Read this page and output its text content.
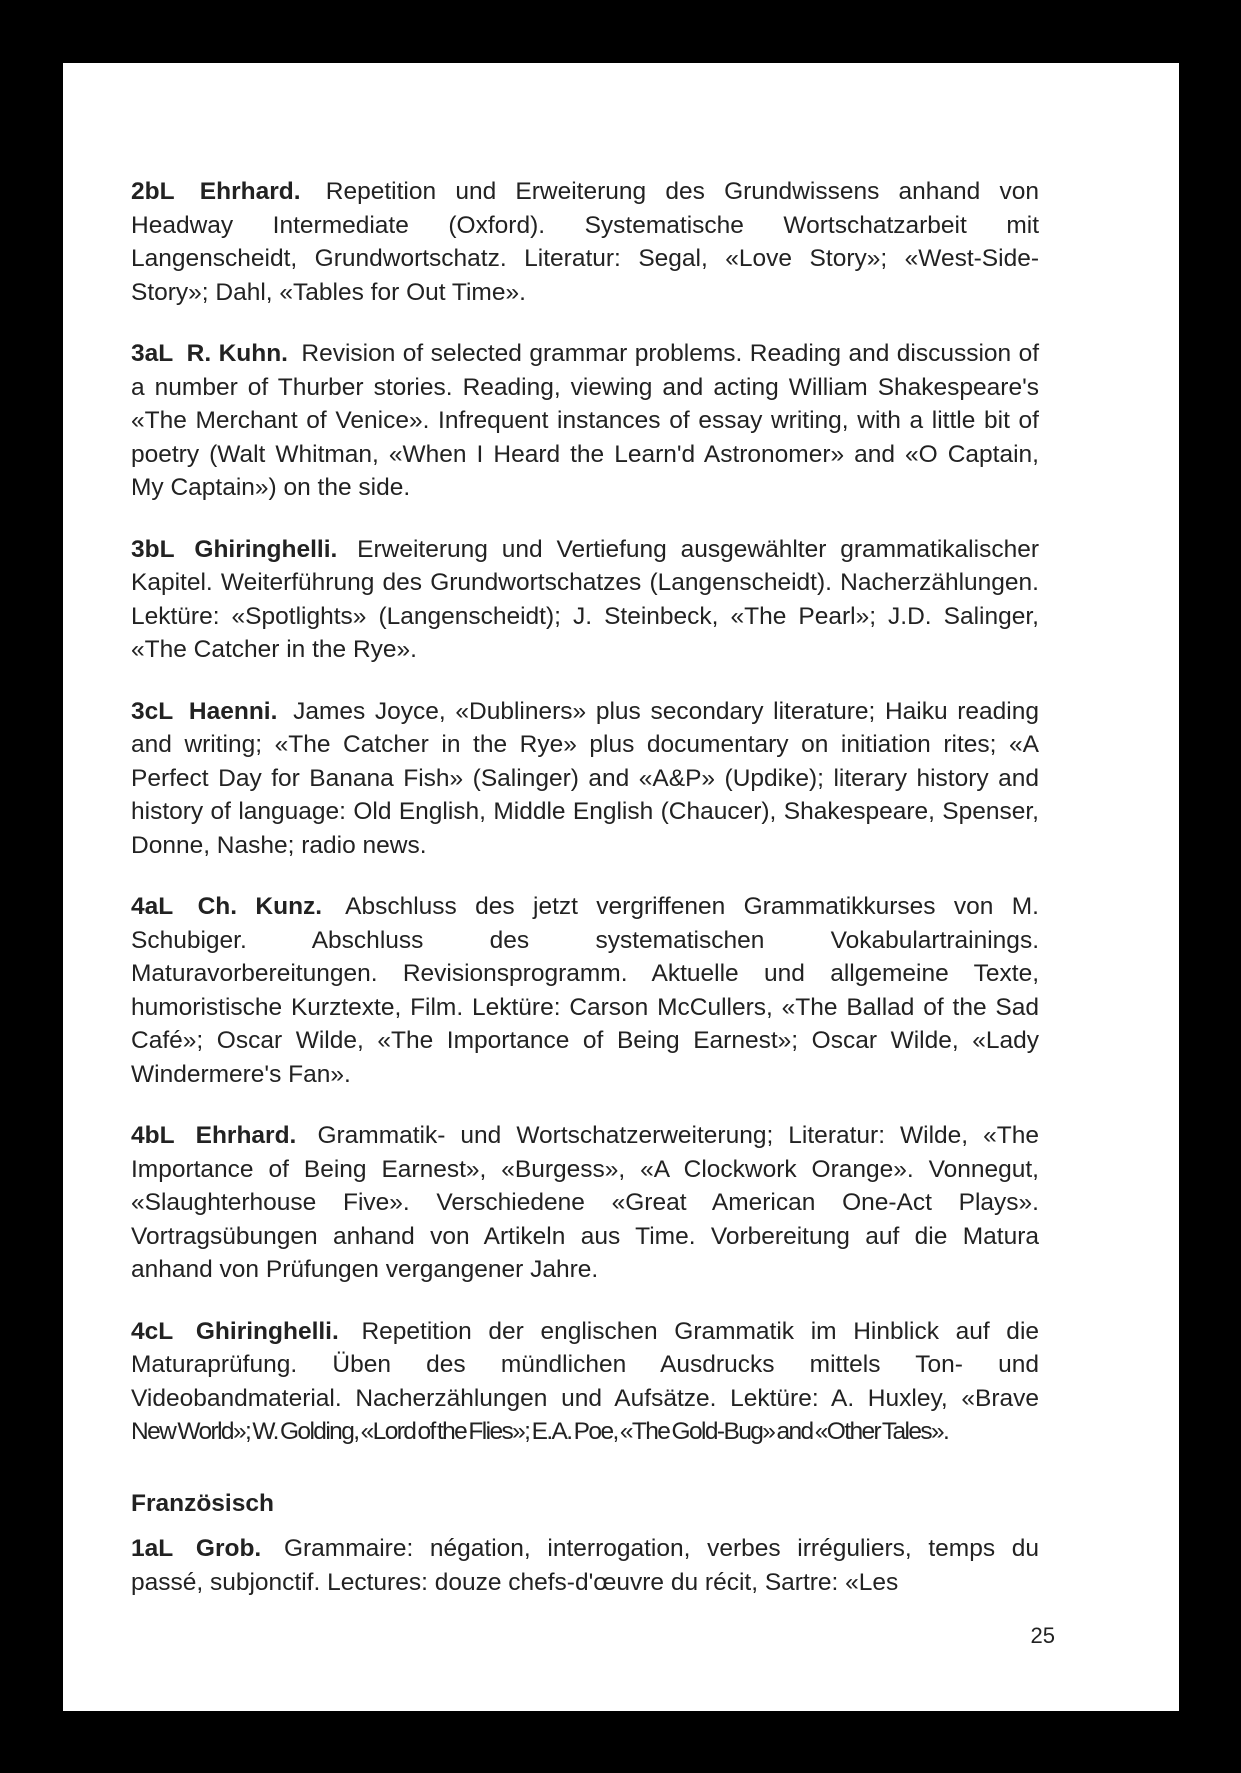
2bL Ehrhard. Repetition und Erweiterung des Grundwissens anhand von Headway Intermediate (Oxford). Systematische Wortschatzarbeit mit Langenscheidt, Grundwortschatz. Literatur: Segal, «Love Story»; «West-Side-Story»; Dahl, «Tables for Out Time».

3aL R. Kuhn. Revision of selected grammar problems. Reading and discussion of a number of Thurber stories. Reading, viewing and acting William Shakespeare's «The Merchant of Venice». Infrequent instances of essay writing, with a little bit of poetry (Walt Whitman, «When I Heard the Learn'd Astronomer» and «O Captain, My Captain») on the side.

3bL Ghiringhelli. Erweiterung und Vertiefung ausgewählter grammatikalischer Kapitel. Weiterführung des Grundwortschatzes (Langenscheidt). Nacherzählungen. Lektüre: «Spotlights» (Langenscheidt); J. Steinbeck, «The Pearl»; J.D. Salinger, «The Catcher in the Rye».

3cL Haenni. James Joyce, «Dubliners» plus secondary literature; Haiku reading and writing; «The Catcher in the Rye» plus documentary on initiation rites; «A Perfect Day for Banana Fish» (Salinger) and «A&P» (Updike); literary history and history of language: Old English, Middle English (Chaucer), Shakespeare, Spenser, Donne, Nashe; radio news.

4aL Ch. Kunz. Abschluss des jetzt vergriffenen Grammatikkurses von M. Schubiger. Abschluss des systematischen Vokabulartrainings. Maturavorbereitungen. Revisionsprogramm. Aktuelle und allgemeine Texte, humoristische Kurztexte, Film. Lektüre: Carson McCullers, «The Ballad of the Sad Café»; Oscar Wilde, «The Importance of Being Earnest»; Oscar Wilde, «Lady Windermere's Fan».

4bL Ehrhard. Grammatik- und Wortschatzerweiterung; Literatur: Wilde, «The Importance of Being Earnest», «Burgess», «A Clockwork Orange». Vonnegut, «Slaughterhouse Five». Verschiedene «Great American One-Act Plays». Vortragsübungen anhand von Artikeln aus Time. Vorbereitung auf die Matura anhand von Prüfungen vergangener Jahre.

4cL Ghiringhelli. Repetition der englischen Grammatik im Hinblick auf die Maturaprüfung. Üben des mündlichen Ausdrucks mittels Ton- und Videobandmaterial. Nacherzählungen und Aufsätze. Lektüre: A. Huxley, «Brave New World»; W. Golding, «Lord of the Flies»; E.A. Poe, «The Gold-Bug» and «Other Tales».

Französisch

1aL Grob. Grammaire: négation, interrogation, verbes irréguliers, temps du passé, subjonctif. Lectures: douze chefs-d'œuvre du récit, Sartre: «Les

25
